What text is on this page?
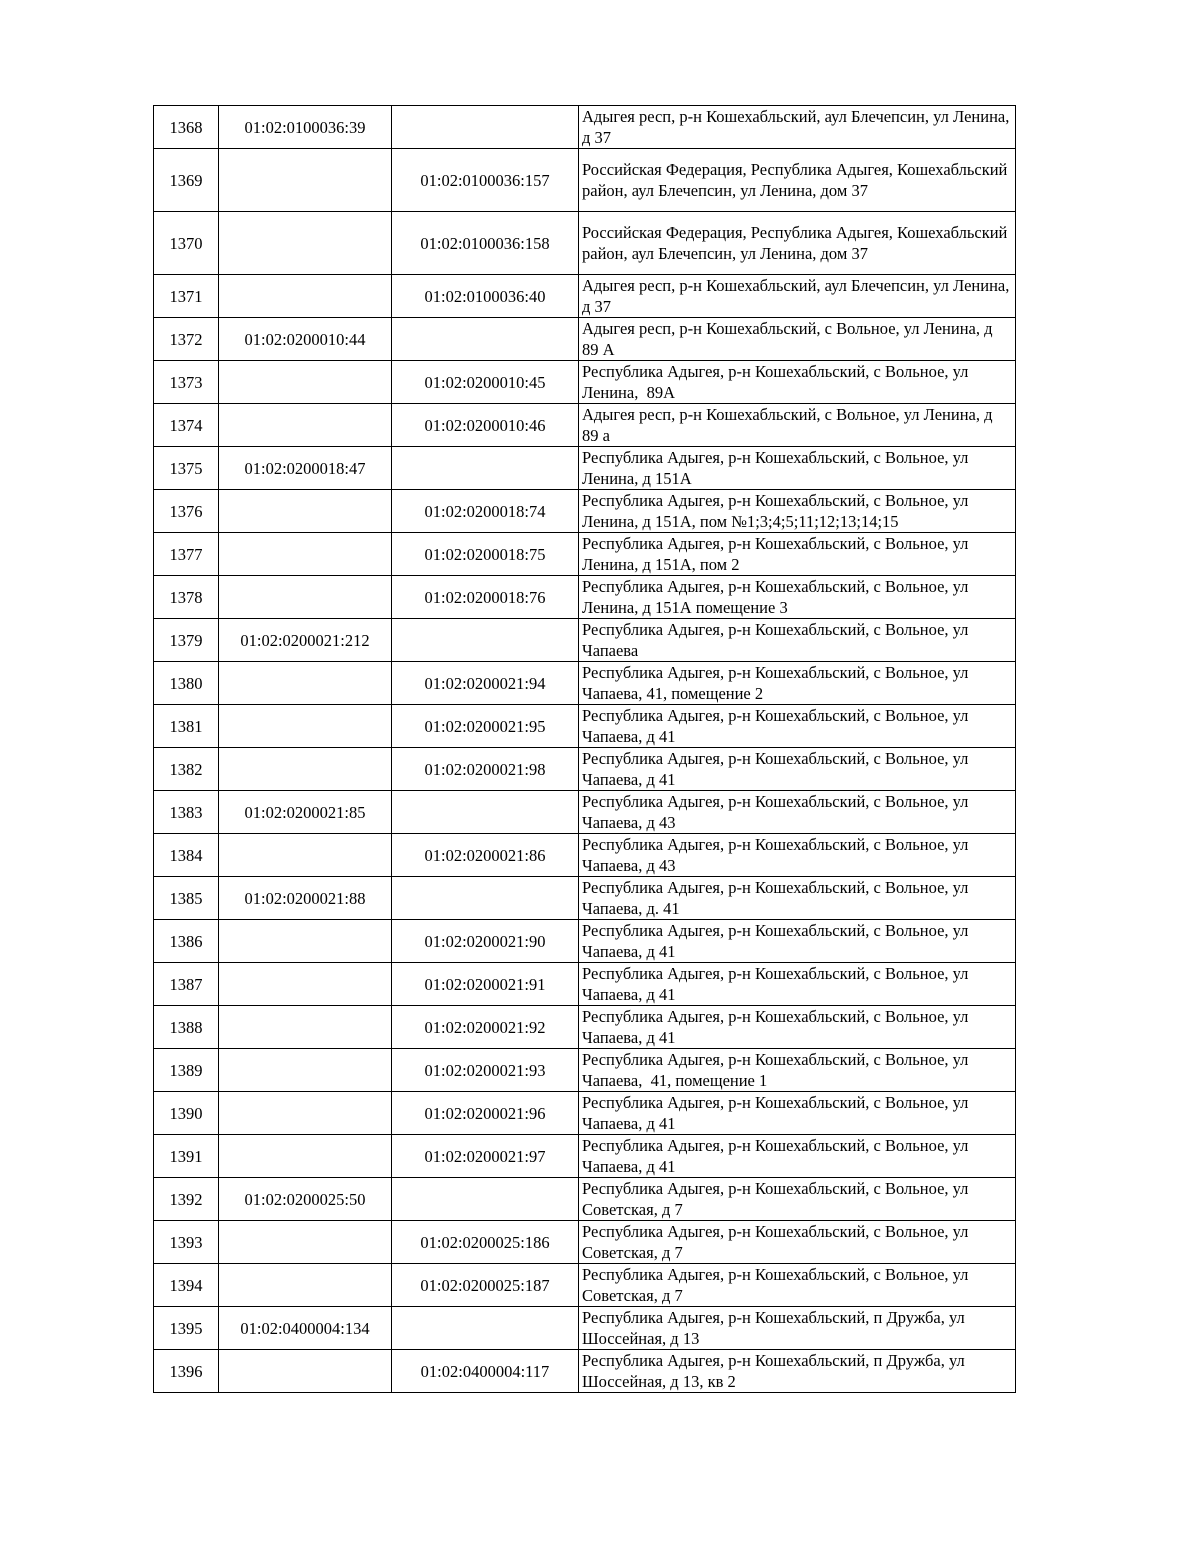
1368	01:02:0100036:39		Адыгея респ, р-н Кошехабльский, аул Блечепсин, ул Ленина, д 37
1369		01:02:0100036:157	Российская Федерация, Республика Адыгея, Кошехабльский район, аул Блечепсин, ул Ленина, дом 37
1370		01:02:0100036:158	Российская Федерация, Республика Адыгея, Кошехабльский район, аул Блечепсин, ул Ленина, дом 37
1371		01:02:0100036:40	Адыгея респ, р-н Кошехабльский, аул Блечепсин, ул Ленина, д 37
1372	01:02:0200010:44		Адыгея респ, р-н Кошехабльский, с Вольное, ул Ленина, д 89 А
1373		01:02:0200010:45	Республика Адыгея, р-н Кошехабльский, с Вольное, ул Ленина,  89А
1374		01:02:0200010:46	Адыгея респ, р-н Кошехабльский, с Вольное, ул Ленина, д 89 а
1375	01:02:0200018:47		Республика Адыгея, р-н Кошехабльский, с Вольное, ул Ленина, д 151А
1376		01:02:0200018:74	Республика Адыгея, р-н Кошехабльский, с Вольное, ул Ленина, д 151А, пом №1;3;4;5;11;12;13;14;15
1377		01:02:0200018:75	Республика Адыгея, р-н Кошехабльский, с Вольное, ул Ленина, д 151А, пом 2
1378		01:02:0200018:76	Республика Адыгея, р-н Кошехабльский, с Вольное, ул Ленина, д 151А помещение 3
1379	01:02:0200021:212		Республика Адыгея, р-н Кошехабльский, с Вольное, ул Чапаева
1380		01:02:0200021:94	Республика Адыгея, р-н Кошехабльский, с Вольное, ул Чапаева, 41, помещение 2
1381		01:02:0200021:95	Республика Адыгея, р-н Кошехабльский, с Вольное, ул Чапаева, д 41
1382		01:02:0200021:98	Республика Адыгея, р-н Кошехабльский, с Вольное, ул Чапаева, д 41
1383	01:02:0200021:85		Республика Адыгея, р-н Кошехабльский, с Вольное, ул Чапаева, д 43
1384		01:02:0200021:86	Республика Адыгея, р-н Кошехабльский, с Вольное, ул Чапаева, д 43
1385	01:02:0200021:88		Республика Адыгея, р-н Кошехабльский, с Вольное, ул Чапаева, д. 41
1386		01:02:0200021:90	Республика Адыгея, р-н Кошехабльский, с Вольное, ул Чапаева, д 41
1387		01:02:0200021:91	Республика Адыгея, р-н Кошехабльский, с Вольное, ул Чапаева, д 41
1388		01:02:0200021:92	Республика Адыгея, р-н Кошехабльский, с Вольное, ул Чапаева, д 41
1389		01:02:0200021:93	Республика Адыгея, р-н Кошехабльский, с Вольное, ул Чапаева,  41, помещение 1
1390		01:02:0200021:96	Республика Адыгея, р-н Кошехабльский, с Вольное, ул Чапаева, д 41
1391		01:02:0200021:97	Республика Адыгея, р-н Кошехабльский, с Вольное, ул Чапаева, д 41
1392	01:02:0200025:50		Республика Адыгея, р-н Кошехабльский, с Вольное, ул Советская, д 7
1393		01:02:0200025:186	Республика Адыгея, р-н Кошехабльский, с Вольное, ул Советская, д 7
1394		01:02:0200025:187	Республика Адыгея, р-н Кошехабльский, с Вольное, ул Советская, д 7
1395	01:02:0400004:134		Республика Адыгея, р-н Кошехабльский, п Дружба, ул Шоссейная, д 13
1396		01:02:0400004:117	Республика Адыгея, р-н Кошехабльский, п Дружба, ул Шоссейная, д 13, кв 2
